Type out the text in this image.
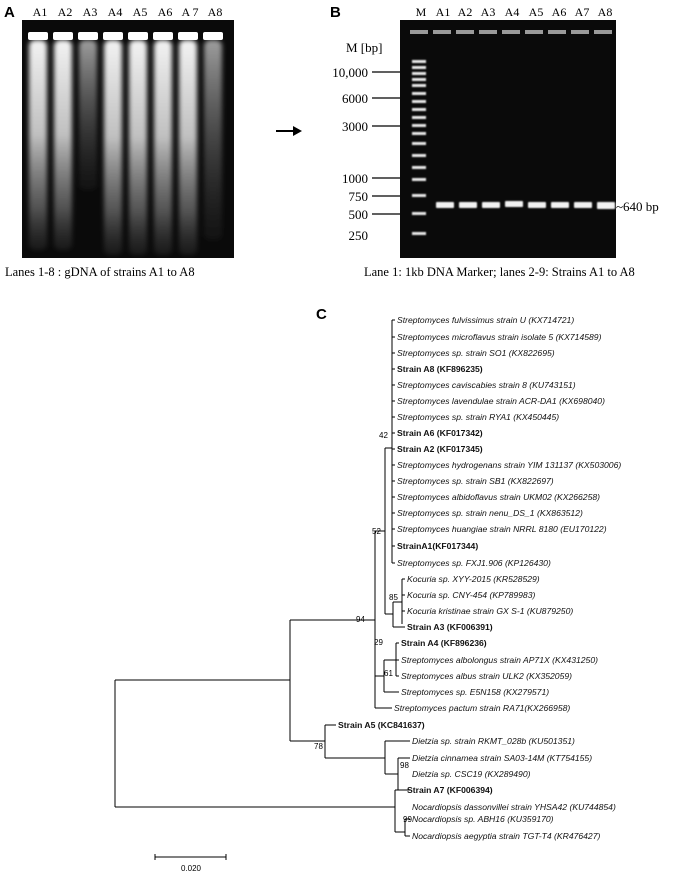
A	A1 A2 A3 A4 A5 A6 A 7 A8
Lanes 1-8 : gDNA of strains A1 to A8
B	M A1 A2 A3 A4 A5 A6 A7 A8
M [bp]
10,000
6000
3000
1000
750
500
250
~640 bp
Lane 1: 1kb DNA Marker; lanes 2-9: Strains A1 to A8
C	Streptomyces fulvissimus strain U (KX714721)
Streptomyces microflavus strain isolate 5 (KX714589)
Streptomyces sp. strain SO1 (KX822695)
Strain A8 (KF896235)
Streptomyces caviscabies strain 8 (KU743151)
Streptomyces lavendulae strain ACR-DA1 (KX698040)
Streptomyces sp. strain RYA1 (KX450445)
Strain A6 (KF017342)
Strain A2 (KF017345)
Streptomyces hydrogenans strain YIM 131137 (KX503006)
Streptomyces sp. strain SB1 (KX822697)
Streptomyces albidoflavus strain UKM02 (KX266258)
Streptomyces sp. strain nenu_DS_1 (KX863512)
Streptomyces huangiae strain NRRL 8180 (EU170122)
StrainA1(KF017344)
Streptomyces sp. FXJ1.906 (KP126430)
Kocuria sp. XYY-2015 (KR528529)
Kocuria sp. CNY-454 (KP789983)
Kocuria kristinae strain GX S-1 (KU879250)
Strain A3 (KF006391)
Strain A4 (KF896236)
Streptomyces albolongus strain AP71X (KX431250)
Streptomyces albus strain ULK2 (KX352059)
Streptomyces sp. E5N158 (KX279571)
Streptomyces pactum strain RA71(KX266958)
Strain A5 (KC841637)
Dietzia sp. strain RKMT_028b (KU501351)
Dietzia cinnamea strain SA03-14M (KT754155)
Dietzia sp. CSC19 (KX289490)
Strain A7 (KF006394)
Nocardiopsis dassonvillei strain YHSA42 (KU744854)
Nocardiopsis sp. ABH16 (KU359170)
Nocardiopsis aegyptia strain TGT-T4 (KR476427)
42
52
85
94
29
61
78
98
99
0.020
